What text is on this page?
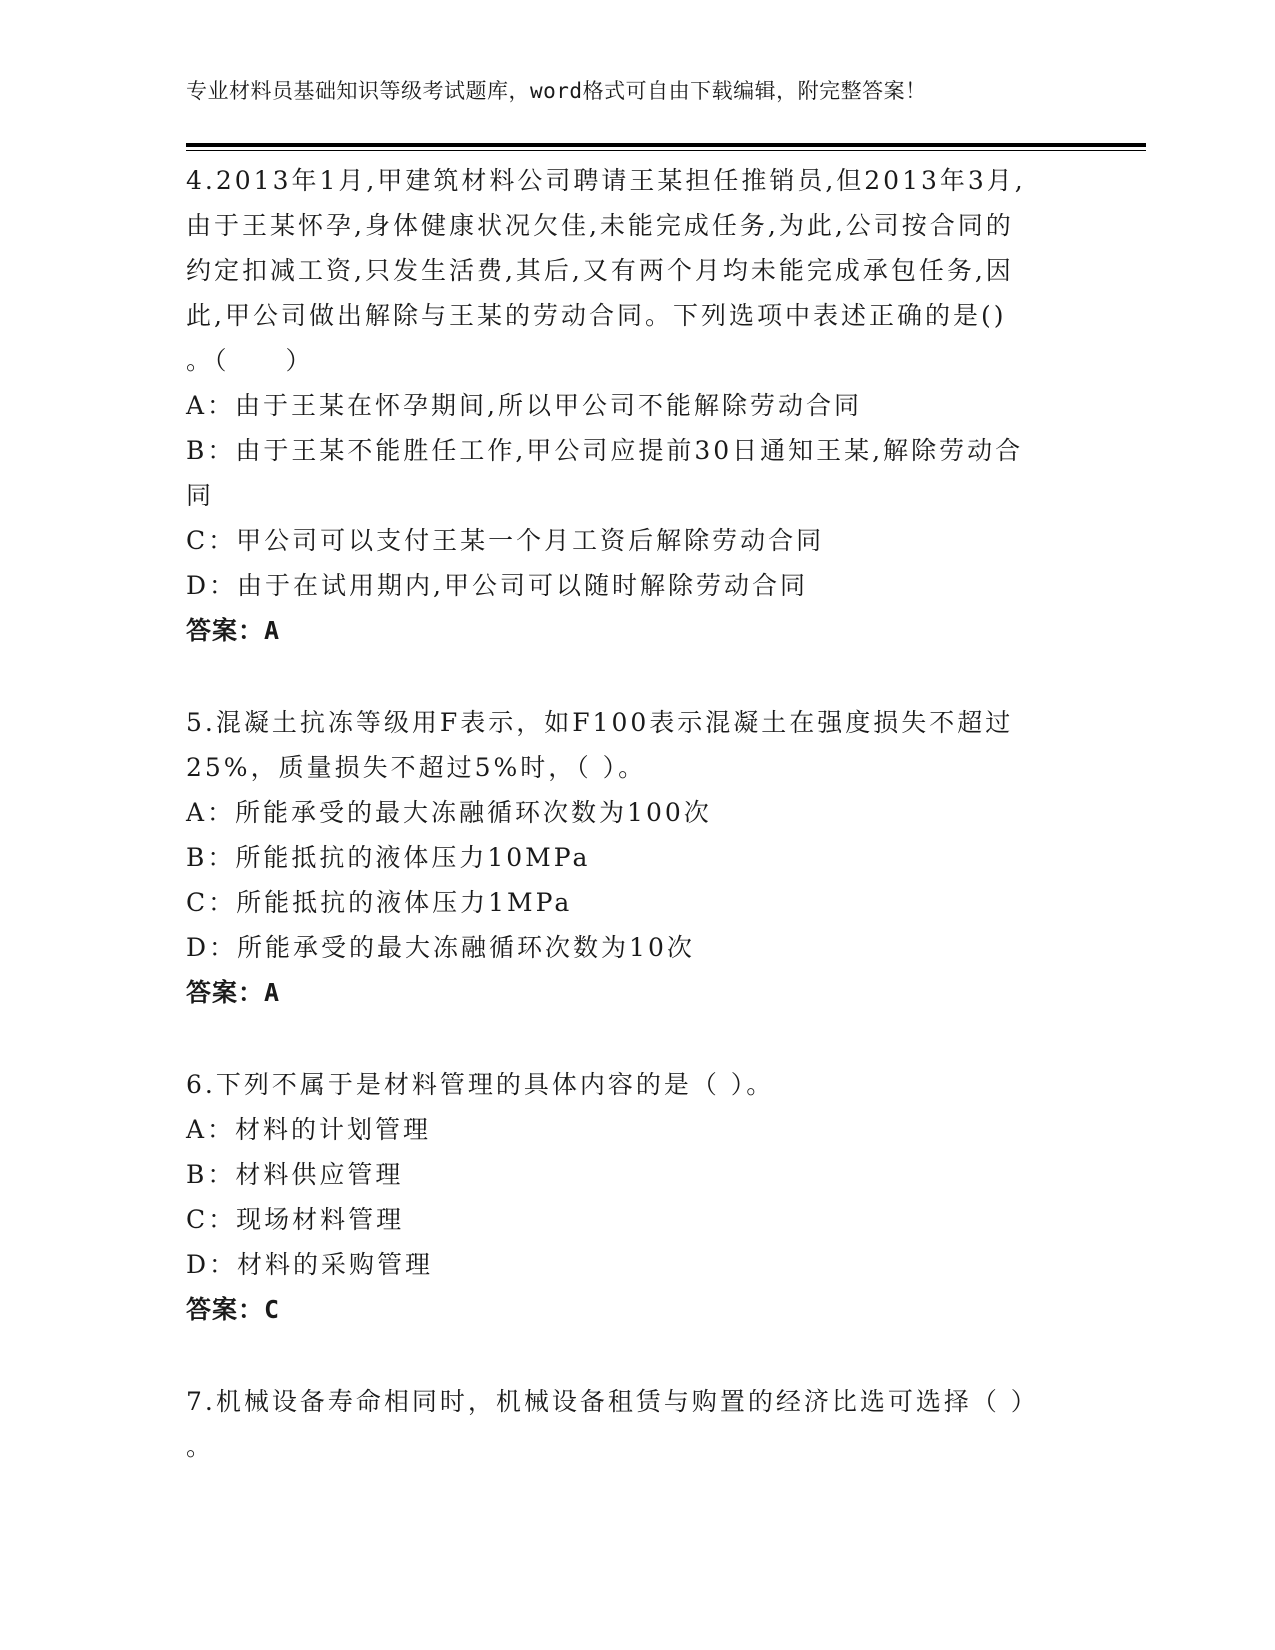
专业材料员基础知识等级考试题库，word格式可自由下载编辑，附完整答案！
4.2013年1月,甲建筑材料公司聘请王某担任推销员,但2013年3月,
由于王某怀孕,身体健康状况欠佳,未能完成任务,为此,公司按合同的
约定扣减工资,只发生活费,其后,又有两个月均未能完成承包任务,因
此,甲公司做出解除与王某的劳动合同。下列选项中表述正确的是()
。（　　）
A：由于王某在怀孕期间,所以甲公司不能解除劳动合同
B：由于王某不能胜任工作,甲公司应提前30日通知王某,解除劳动合
同
C：甲公司可以支付王某一个月工资后解除劳动合同
D：由于在试用期内,甲公司可以随时解除劳动合同
答案：A
5.混凝土抗冻等级用F表示，如F100表示混凝土在强度损失不超过
25%，质量损失不超过5%时，（ ）。
A：所能承受的最大冻融循环次数为100次
B：所能抵抗的液体压力10MPa
C：所能抵抗的液体压力1MPa
D：所能承受的最大冻融循环次数为10次
答案：A
6.下列不属于是材料管理的具体内容的是（ ）。
A：材料的计划管理
B：材料供应管理
C：现场材料管理
D：材料的采购管理
答案：C
7.机械设备寿命相同时，机械设备租赁与购置的经济比选可选择（ ）
。
